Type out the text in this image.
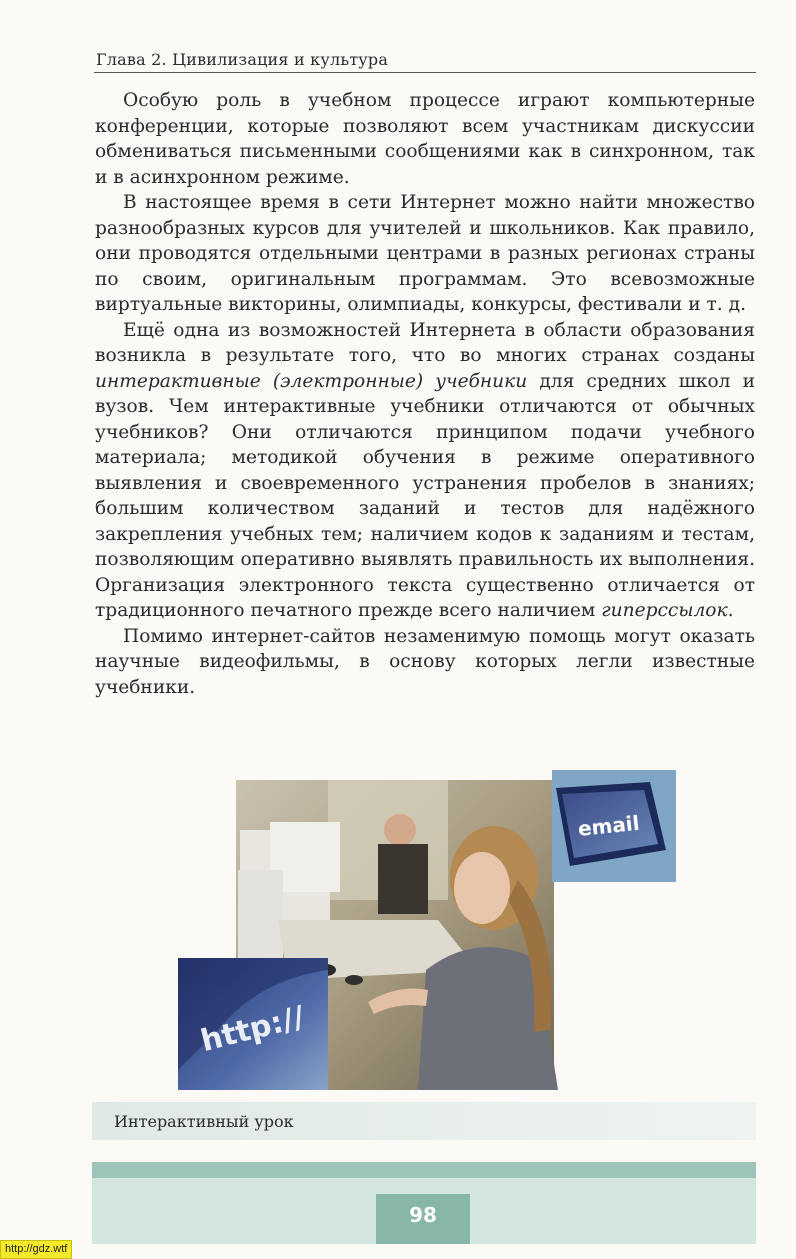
Глава 2. Цивилизация и культура

Особую роль в учебном процессе играют компьютерные конференции, которые позволяют всем участникам дискуссии обмениваться письменными сообщениями как в синхронном, так и в асинхронном режиме.

В настоящее время в сети Интернет можно найти множество разнообразных курсов для учителей и школьников. Как правило, они проводятся отдельными центрами в разных регионах страны по своим, оригинальным программам. Это всевозможные виртуальные викторины, олимпиады, конкурсы, фестивали и т. д.

Ещё одна из возможностей Интернета в области образования возникла в результате того, что во многих странах созданы интерактивные (электронные) учебники для средних школ и вузов. Чем интерактивные учебники отличаются от обычных учебников? Они отличаются принципом подачи учебного материала; методикой обучения в режиме оперативного выявления и своевременного устранения пробелов в знаниях; большим количеством заданий и тестов для надёжного закрепления учебных тем; наличием кодов к заданиям и тестам, позволяющим оперативно выявлять правильность их выполнения. Организация электронного текста существенно отличается от традиционного печатного прежде всего наличием гиперссылок.

Помимо интернет-сайтов незаменимую помощь могут оказать научные видеофильмы, в основу которых легли известные учебники.

email
http://
Интерактивный урок
98
http://gdz.wtf
